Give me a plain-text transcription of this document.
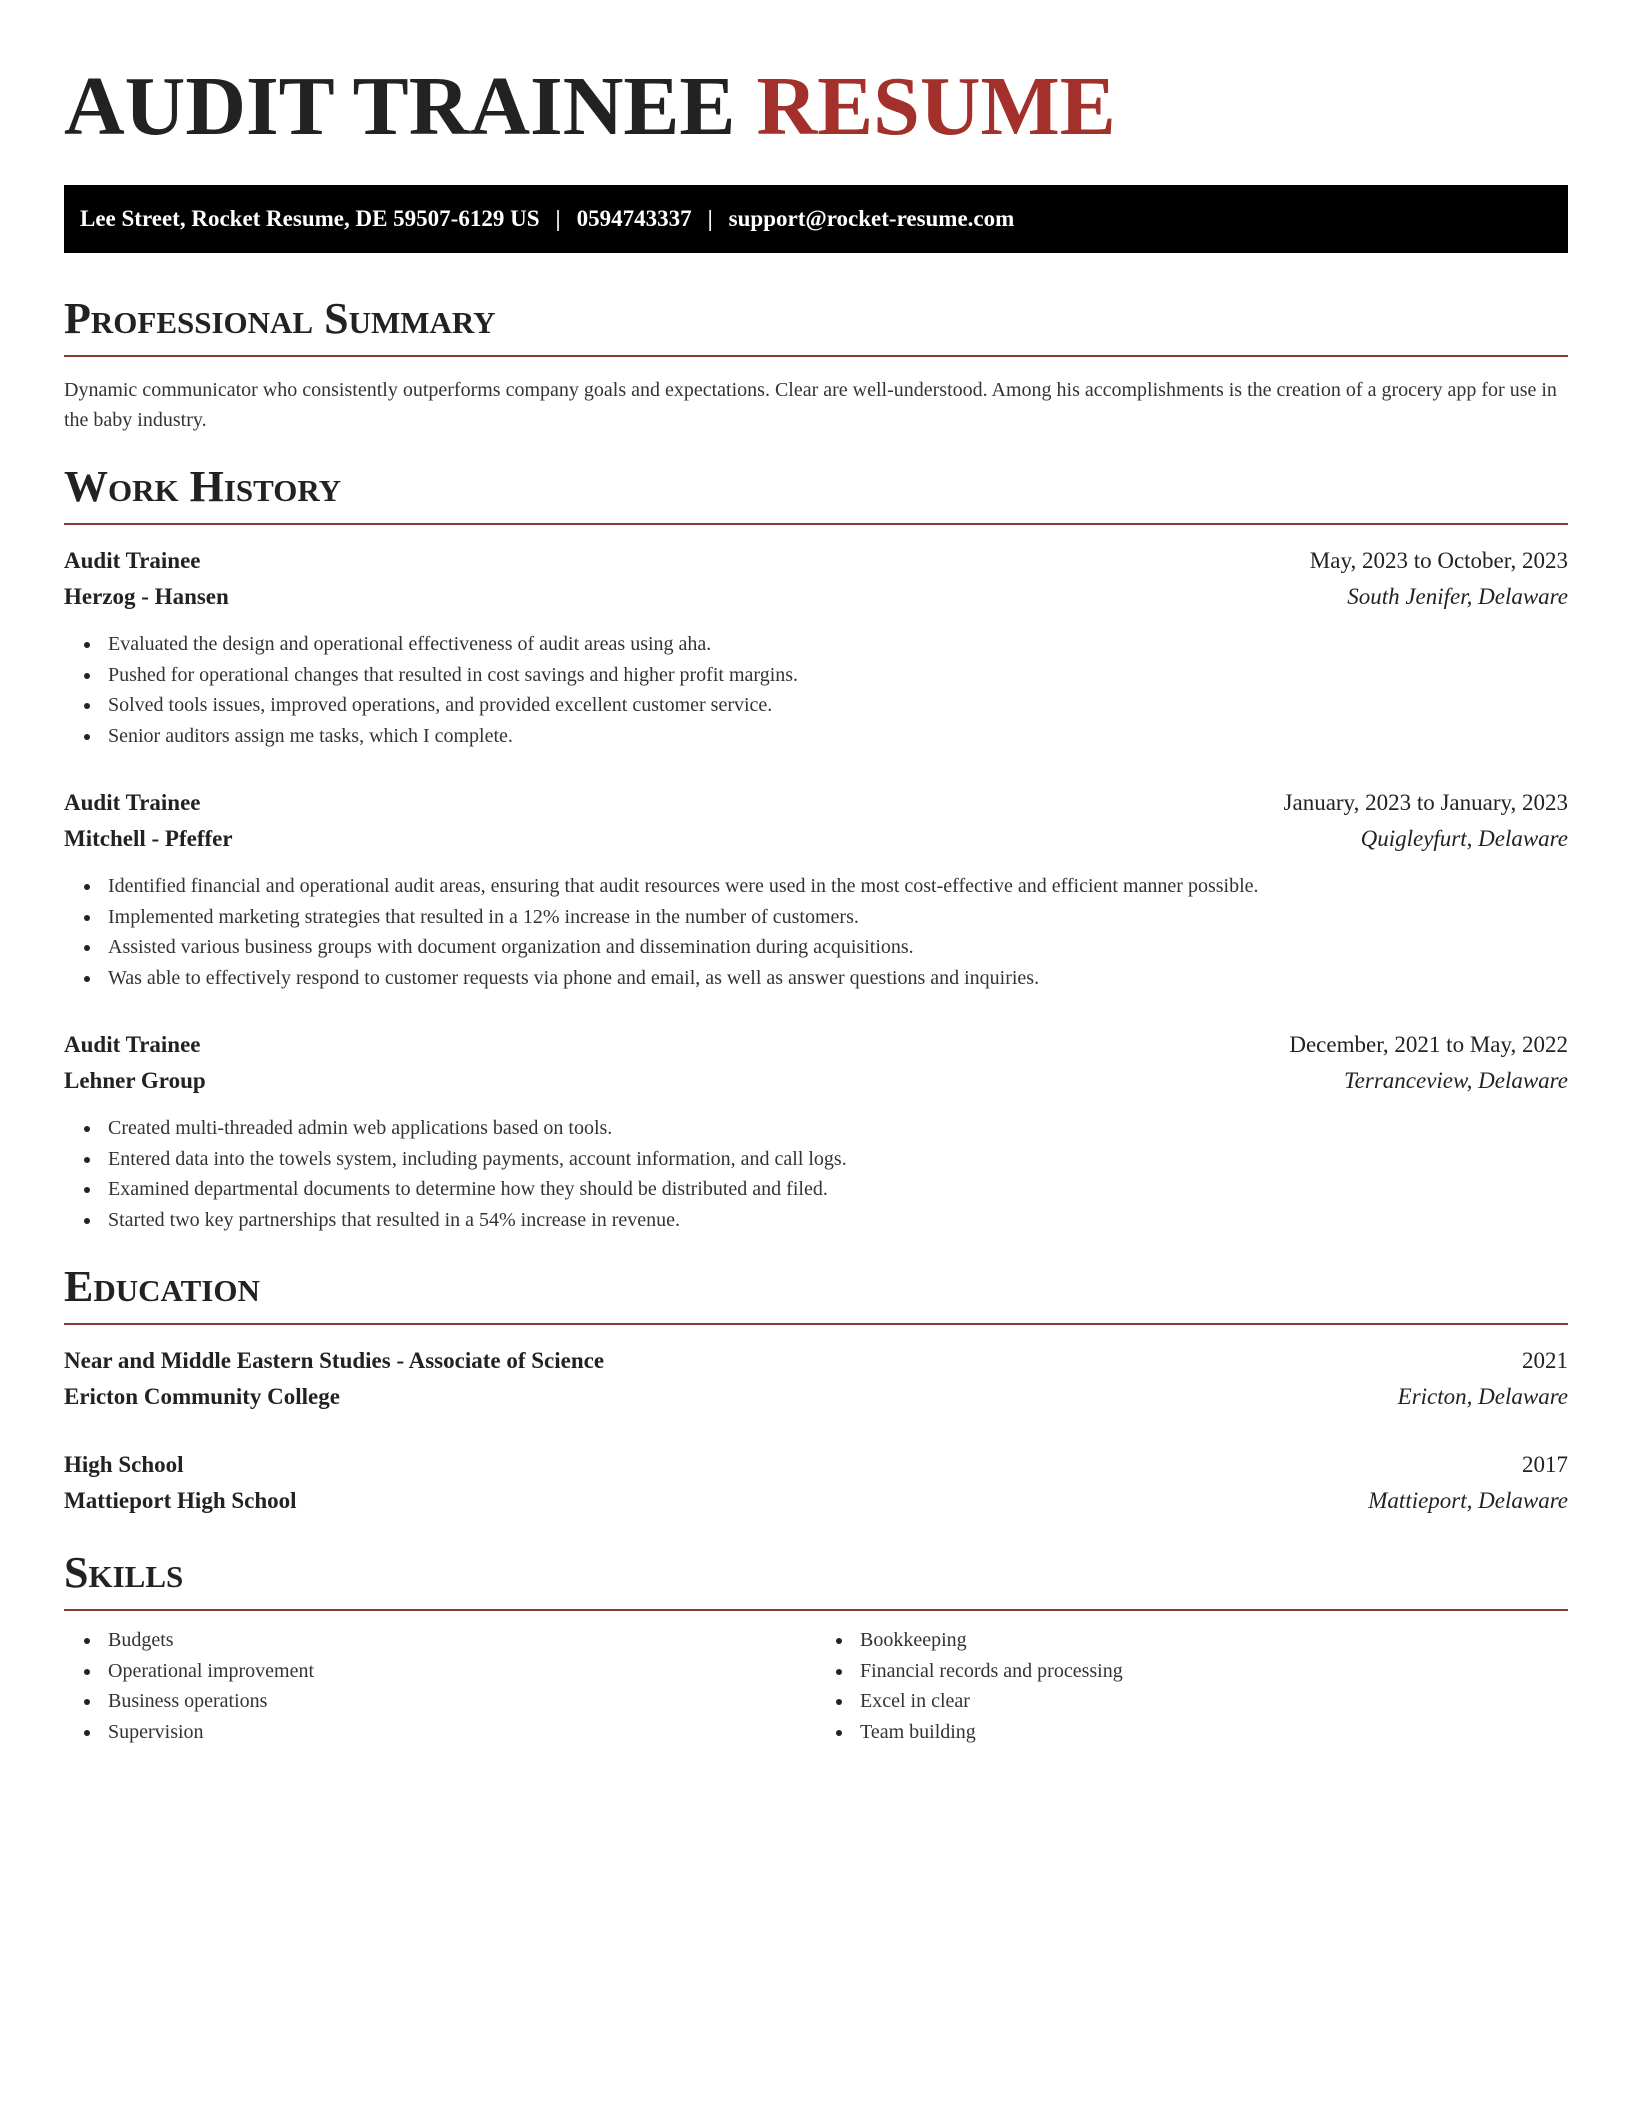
AUDIT TRAINEE RESUME
Lee Street, Rocket Resume, DE 59507-6129 US | 0594743337 | support@rocket-resume.com
Professional Summary

Dynamic communicator who consistently outperforms company goals and expectations. Clear are well-understood. Among his accomplishments is the creation of a grocery app for use in the baby industry.

Work History
Audit Trainee	May, 2023 to October, 2023
Herzog - Hansen	South Jenifer, Delaware
Evaluated the design and operational effectiveness of audit areas using aha.
Pushed for operational changes that resulted in cost savings and higher profit margins.
Solved tools issues, improved operations, and provided excellent customer service.
Senior auditors assign me tasks, which I complete.
Audit Trainee	January, 2023 to January, 2023
Mitchell - Pfeffer	Quigleyfurt, Delaware
Identified financial and operational audit areas, ensuring that audit resources were used in the most cost-effective and efficient manner possible.
Implemented marketing strategies that resulted in a 12% increase in the number of customers.
Assisted various business groups with document organization and dissemination during acquisitions.
Was able to effectively respond to customer requests via phone and email, as well as answer questions and inquiries.
Audit Trainee	December, 2021 to May, 2022
Lehner Group	Terranceview, Delaware
Created multi-threaded admin web applications based on tools.
Entered data into the towels system, including payments, account information, and call logs.
Examined departmental documents to determine how they should be distributed and filed.
Started two key partnerships that resulted in a 54% increase in revenue.
Education
Near and Middle Eastern Studies - Associate of Science	2021
Ericton Community College	Ericton, Delaware
High School	2017
Mattieport High School	Mattieport, Delaware
Skills
Budgets
Operational improvement
Business operations
Supervision
Bookkeeping
Financial records and processing
Excel in clear
Team building
